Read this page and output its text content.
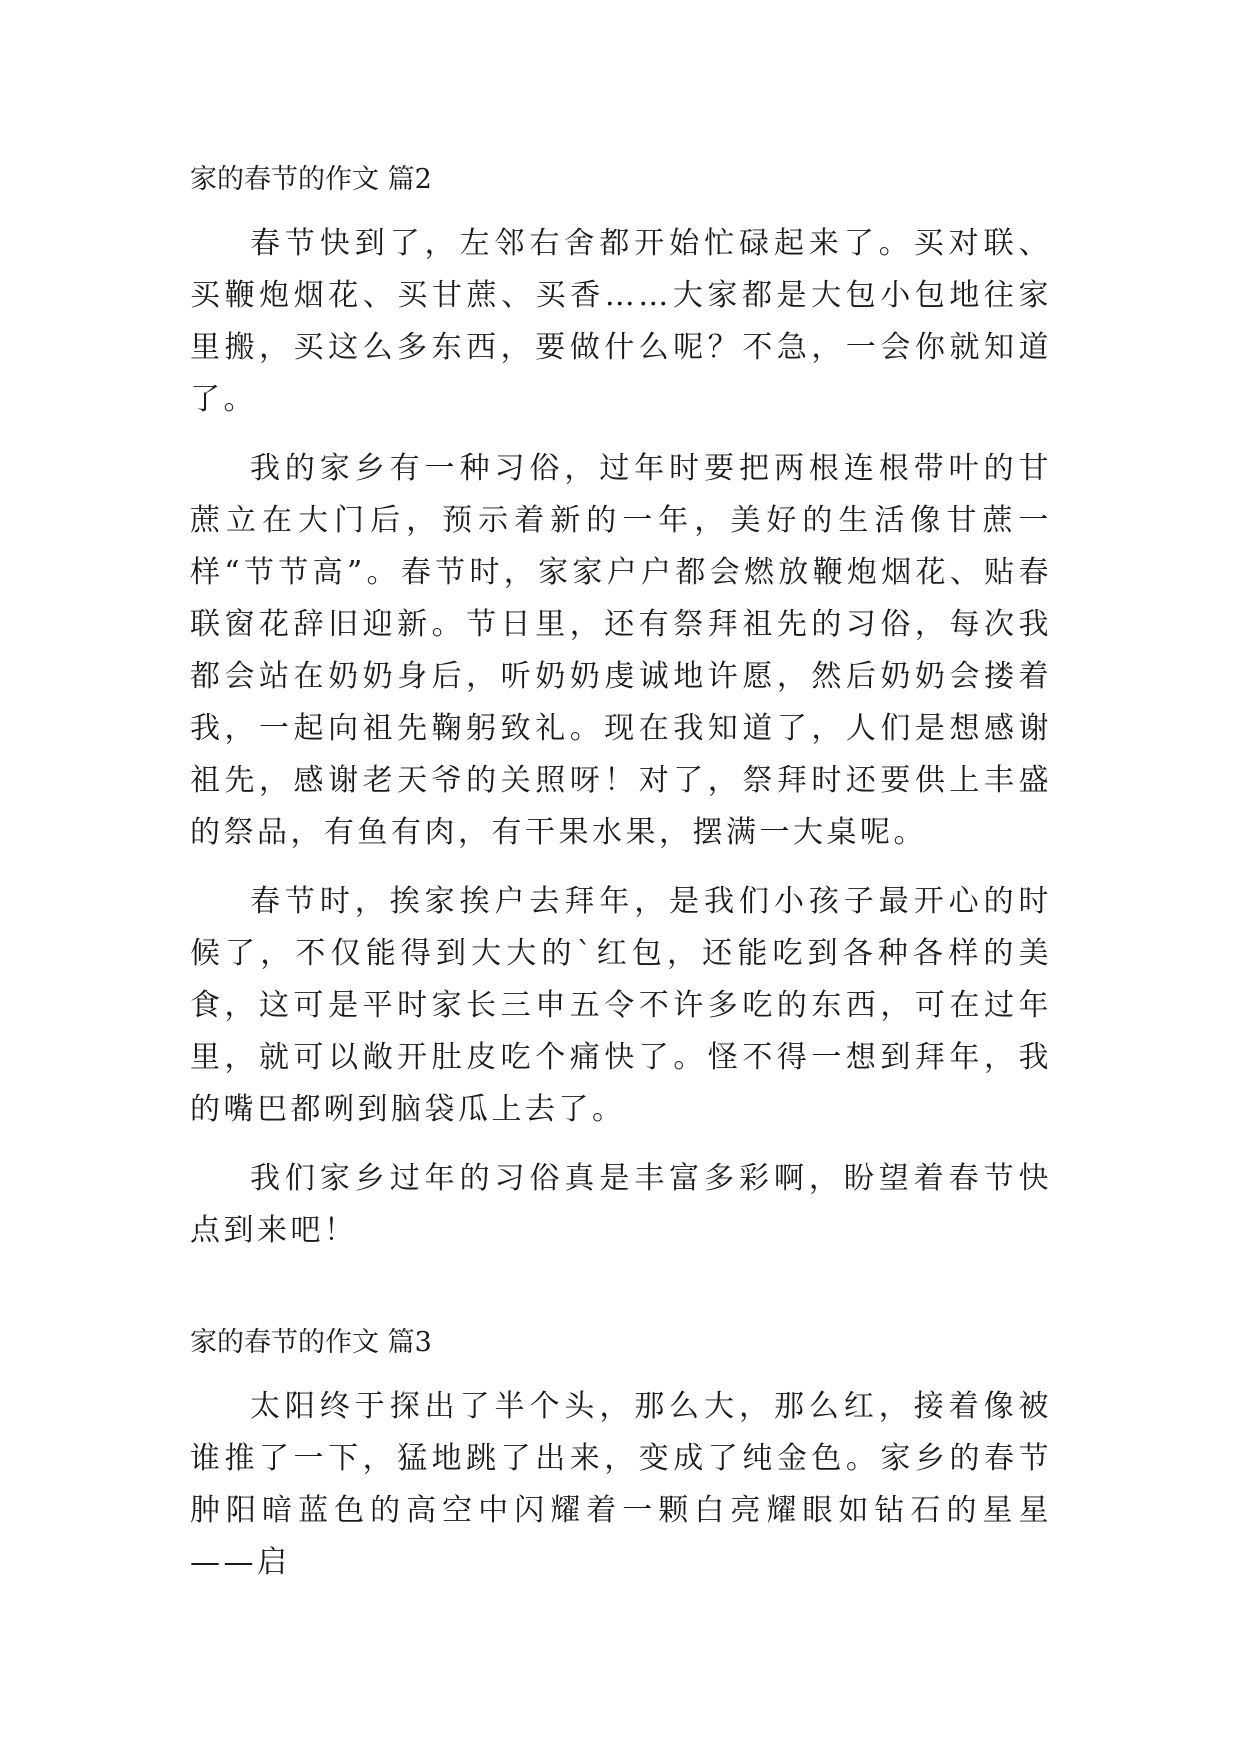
家的春节的作文 篇2

春节快到了，左邻右舍都开始忙碌起来了。买对联、买鞭炮烟花、买甘蔗、买香……大家都是大包小包地往家里搬，买这么多东西，要做什么呢？不急，一会你就知道了。

我的家乡有一种习俗，过年时要把两根连根带叶的甘蔗立在大门后，预示着新的一年，美好的生活像甘蔗一样“节节高”。春节时，家家户户都会燃放鞭炮烟花、贴春联窗花辞旧迎新。节日里，还有祭拜祖先的习俗，每次我都会站在奶奶身后，听奶奶虔诚地许愿，然后奶奶会搂着我，一起向祖先鞠躬致礼。现在我知道了，人们是想感谢祖先，感谢老天爷的关照呀！对了，祭拜时还要供上丰盛的祭品，有鱼有肉，有干果水果，摆满一大桌呢。

春节时，挨家挨户去拜年，是我们小孩子最开心的时候了，不仅能得到大大的`红包，还能吃到各种各样的美食，这可是平时家长三申五令不许多吃的东西，可在过年里，就可以敞开肚皮吃个痛快了。怪不得一想到拜年，我的嘴巴都咧到脑袋瓜上去了。

我们家乡过年的习俗真是丰富多彩啊，盼望着春节快点到来吧！

家的春节的作文 篇3

太阳终于探出了半个头，那么大，那么红，接着像被谁推了一下，猛地跳了出来，变成了纯金色。家乡的春节肿阳暗蓝色的高空中闪耀着一颗白亮耀眼如钻石的星星——启
